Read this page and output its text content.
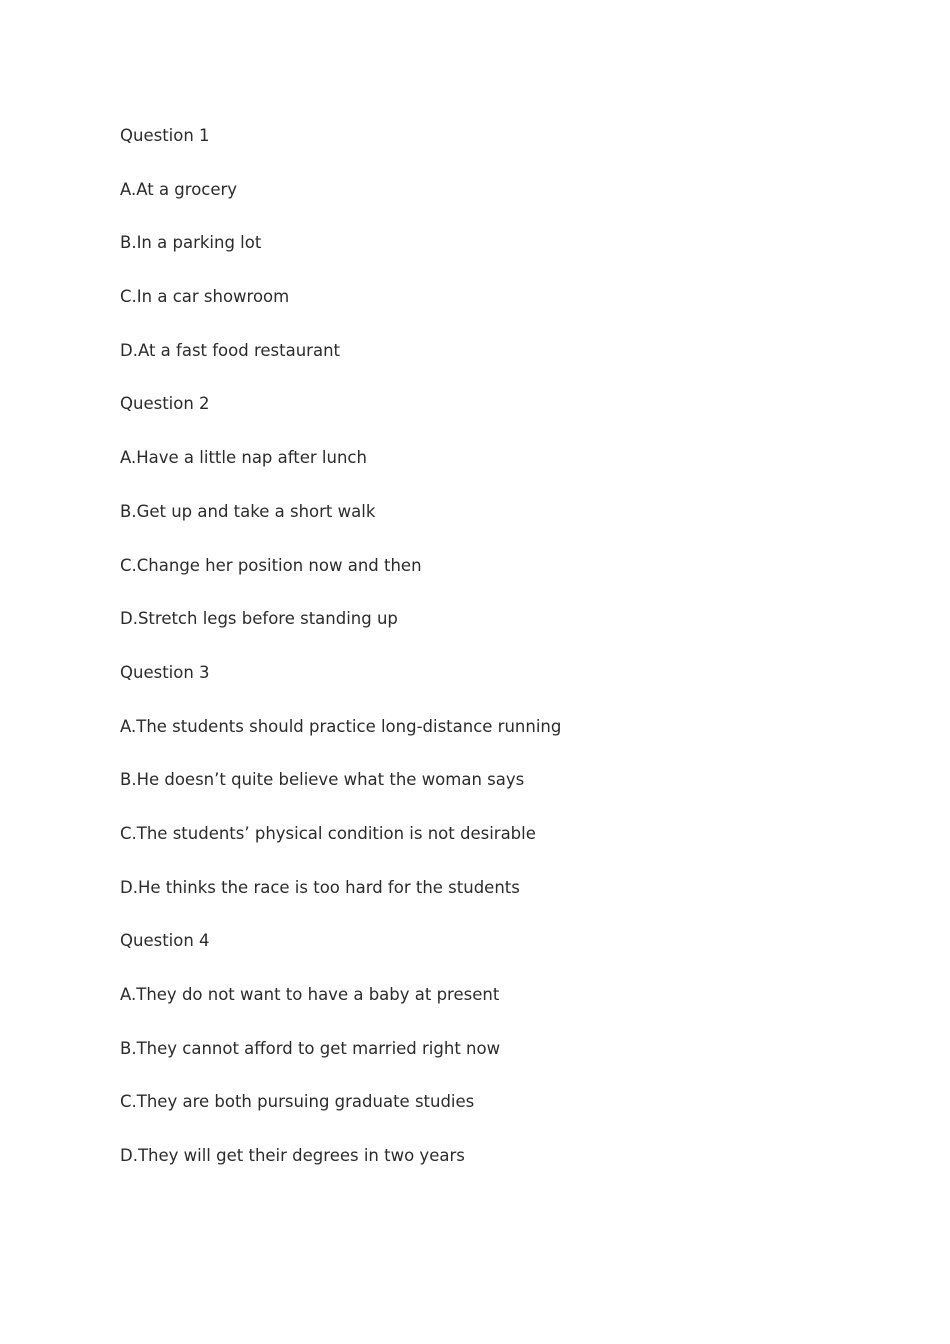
Question 1
A.At a grocery
B.In a parking lot
C.In a car showroom
D.At a fast food restaurant
Question 2
A.Have a little nap after lunch
B.Get up and take a short walk
C.Change her position now and then
D.Stretch legs before standing up
Question 3
A.The students should practice long-distance running
B.He doesn’t quite believe what the woman says
C.The students’ physical condition is not desirable
D.He thinks the race is too hard for the students
Question 4
A.They do not want to have a baby at present
B.They cannot afford to get married right now
C.They are both pursuing graduate studies
D.They will get their degrees in two years
